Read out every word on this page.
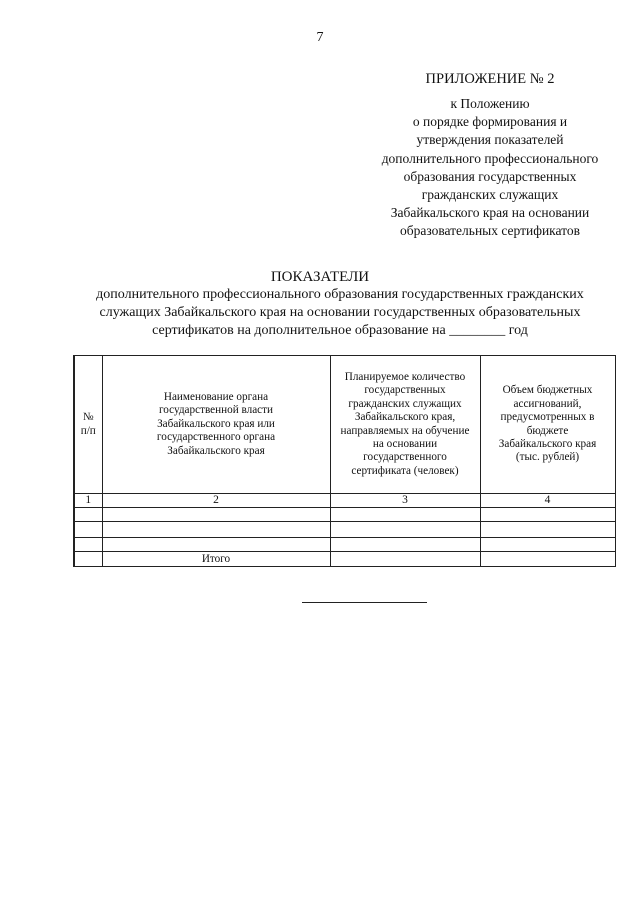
7
ПРИЛОЖЕНИЕ № 2
к Положению
о порядке формирования и
утверждения показателей
дополнительного профессионального
образования государственных
гражданских служащих
Забайкальского края на основании
образовательных сертификатов
ПОКАЗАТЕЛИ
дополнительного профессионального образования государственных гражданских
служащих Забайкальского края на основании государственных образовательных
сертификатов на дополнительное образование на ________ год
№ п/п	Наименование органа государственной власти Забайкальского края или государственного органа Забайкальского края	Планируемое количество государственных гражданских служащих Забайкальского края, направляемых на обучение на основании государственного сертификата (человек)	Объем бюджетных ассигнований, предусмотренных в бюджете Забайкальского края (тыс. рублей)

1	2	3	4

	Итого		
